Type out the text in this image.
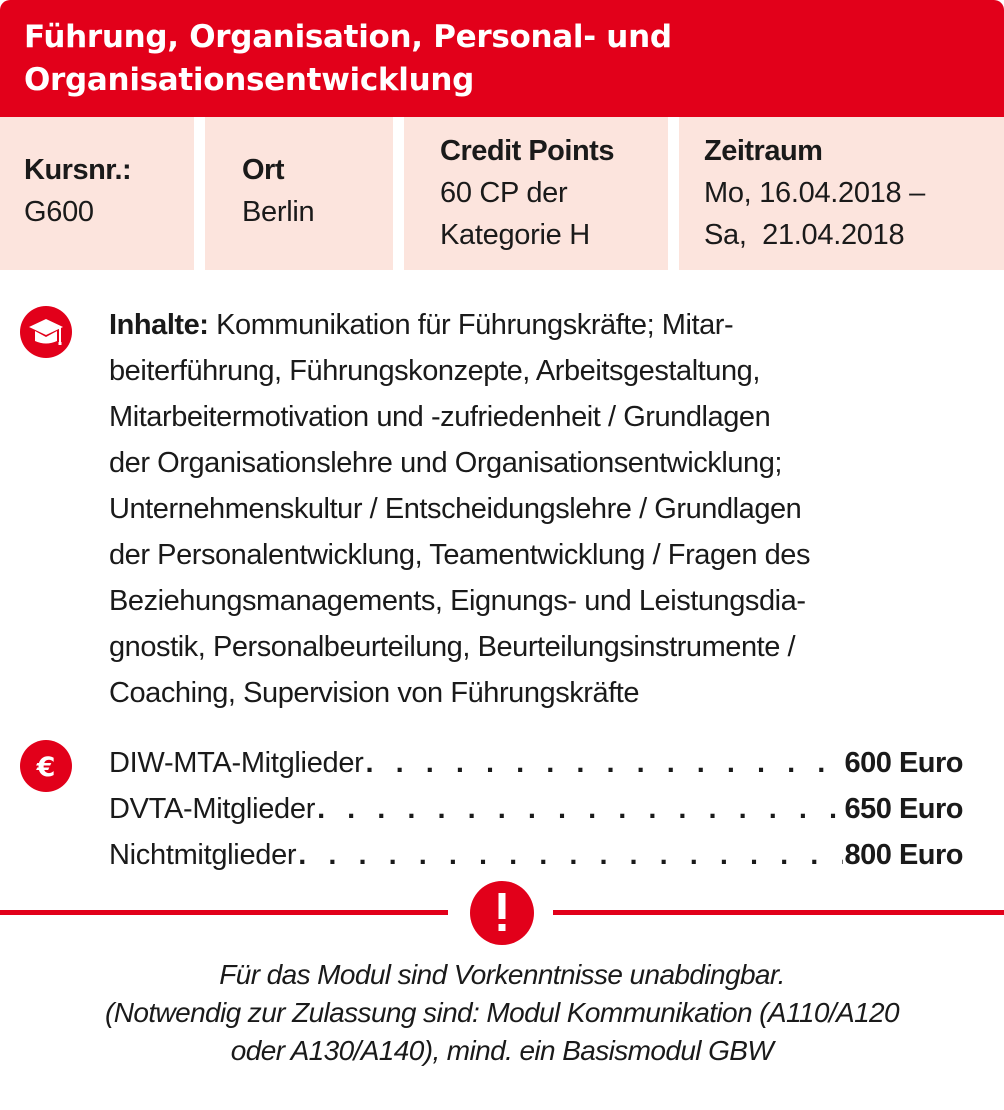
Führung, Organisation, Personal- und
Organisationsentwicklung
Kursnr.:
G600
Ort
Berlin
Credit Points
60 CP der
Kategorie H
Zeitraum
Mo, 16.04.2018 –
Sa,  21.04.2018
Inhalte: Kommunikation für Führungskräfte; Mitar-
beiterführung, Führungskonzepte, Arbeitsgestaltung,
Mitarbeitermotivation und -zufriedenheit / Grundlagen
der Organisationslehre und Organisationsentwicklung;
Unternehmenskultur / Entscheidungslehre / Grundlagen
der Personalentwicklung, Teamentwicklung / Fragen des
Beziehungsmanagements, Eignungs- und Leistungsdia-
gnostik, Personalbeurteilung, Beurteilungsinstrumente /
Coaching, Supervision von Führungskräfte
€ DIW-MTA-Mitglieder . . .	600 Euro
DVTA-Mitglieder . . .	650 Euro
Nichtmitglieder . . .	800 Euro
Für das Modul sind Vorkenntnisse unabdingbar.
(Notwendig zur Zulassung sind: Modul Kommunikation (A110/A120
oder A130/A140), mind. ein Basismodul GBW
